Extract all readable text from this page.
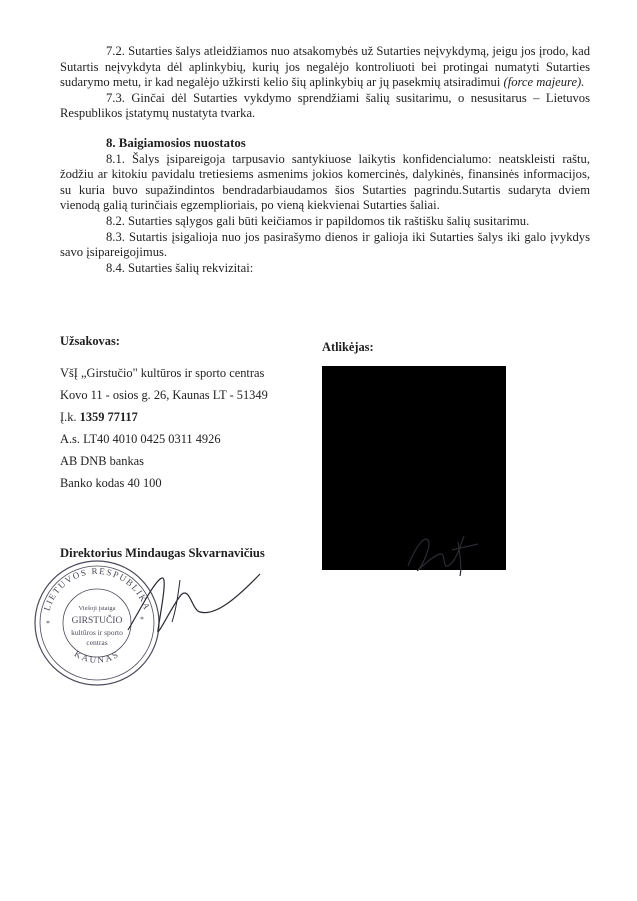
7.2. Sutarties šalys atleidžiamos nuo atsakomybės už Sutarties neįvykdymą, jeigu jos įrodo, kad Sutartis neįvykdyta dėl aplinkybių, kurių jos negalėjo kontroliuoti bei protingai numatyti Sutarties sudarymo metu, ir kad negalėjo užkirsti kelio šių aplinkybių ar jų pasekmių atsiradimui (force majeure).

7.3. Ginčai dėl Sutarties vykdymo sprendžiami šalių susitarimu, o nesusitarus – Lietuvos Respublikos įstatymų nustatyta tvarka.

8. Baigiamosios nuostatos

8.1. Šalys įsipareigoja tarpusavio santykiuose laikytis konfidencialumo: neatskleisti raštu, žodžiu ar kitokiu pavidalu tretiesiems asmenims jokios komercinės, dalykinės, finansinės informacijos, su kuria buvo supažindintos bendradarbiaudamos šios Sutarties pagrindu.Sutartis sudaryta dviem vienodą galią turinčiais egzemplioriais, po vieną kiekvienai Sutarties šaliai.

8.2. Sutarties sąlygos gali būti keičiamos ir papildomos tik raštišku šalių susitarimu.

8.3. Sutartis įsigalioja nuo jos pasirašymo dienos ir galioja iki Sutarties šalys iki galo įvykdys savo įsipareigojimus.

8.4. Sutarties šalių rekvizitai:

Užsakovas:
VšĮ „Girstučio" kultūros ir sporto centras
Kovo 11 - osios g. 26, Kaunas LT - 51349
Į.k. 1359 77117
A.s. LT40 4010 0425 0311 4926
AB DNB bankas
Banko kodas 40 100
Atlikėjas:
Direktorius Mindaugas Skvarnavičius
LIETUVOS RESPUBLIKA
KAUNAS
Viešoji įstaiga
GIRSTUČIO
kultūros ir sporto
centras
*	*
